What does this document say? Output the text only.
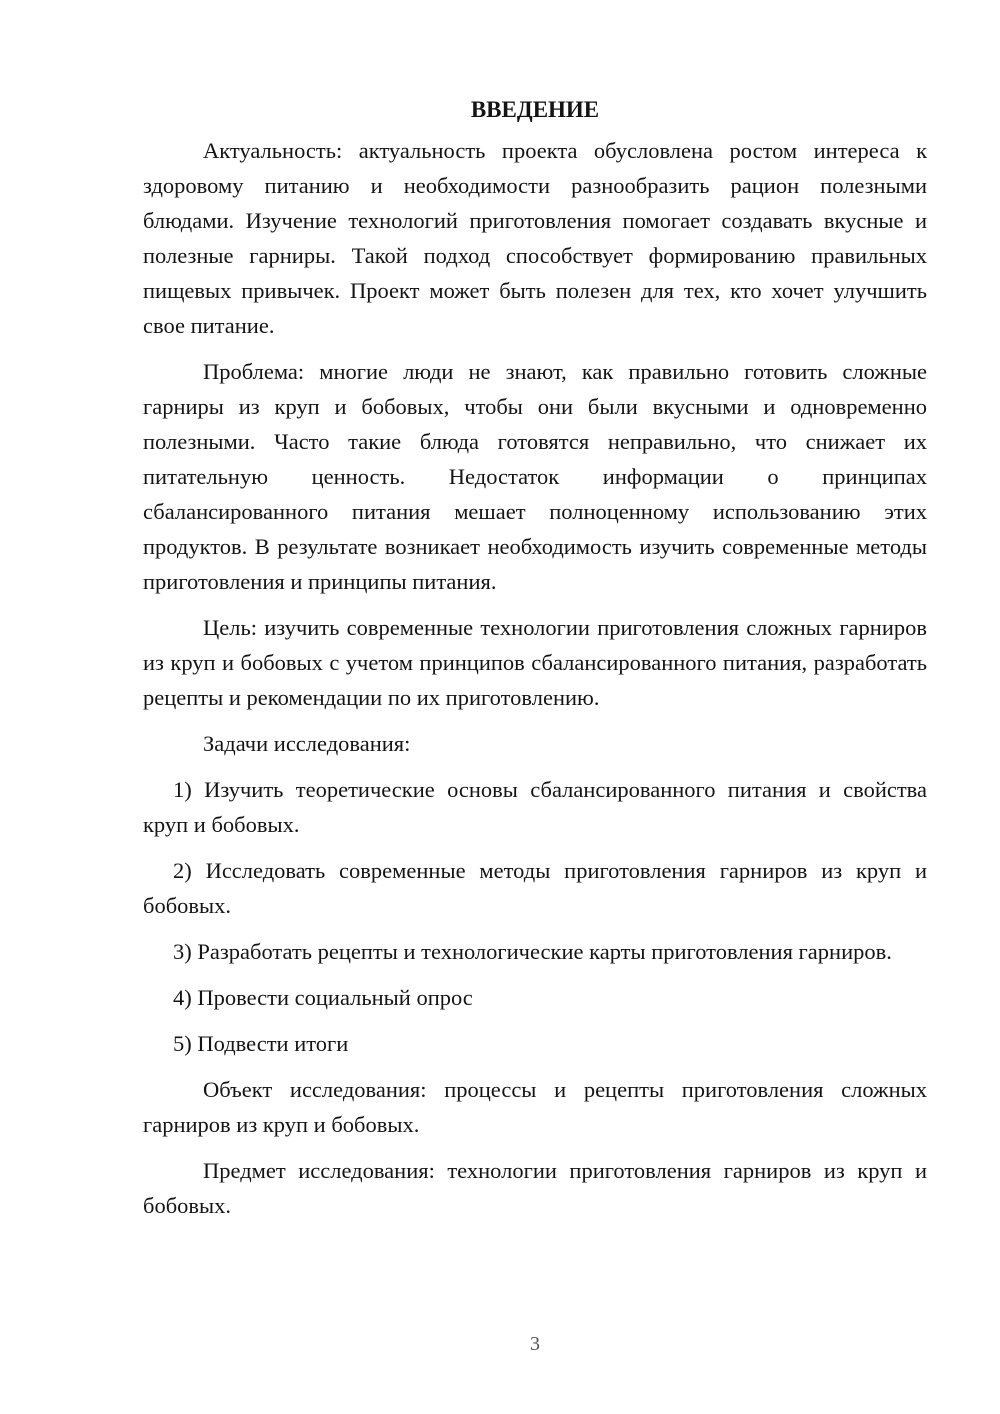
ВВЕДЕНИЕ

Актуальность: актуальность проекта обусловлена ростом интереса к здоровому питанию и необходимости разнообразить рацион полезными блюдами. Изучение технологий приготовления помогает создавать вкусные и полезные гарниры. Такой подход способствует формированию правильных пищевых привычек. Проект может быть полезен для тех, кто хочет улучшить свое питание.

Проблема: многие люди не знают, как правильно готовить сложные гарниры из круп и бобовых, чтобы они были вкусными и одновременно полезными. Часто такие блюда готовятся неправильно, что снижает их питательную ценность. Недостаток информации о принципах сбалансированного питания мешает полноценному использованию этих продуктов. В результате возникает необходимость изучить современные методы приготовления и принципы питания.

Цель: изучить современные технологии приготовления сложных гарниров из круп и бобовых с учетом принципов сбалансированного питания, разработать рецепты и рекомендации по их приготовлению.

Задачи исследования:

1) Изучить теоретические основы сбалансированного питания и свойства круп и бобовых.

2) Исследовать современные методы приготовления гарниров из круп и бобовых.

3) Разработать рецепты и технологические карты приготовления гарниров.

4) Провести социальный опрос

5) Подвести итоги

Объект исследования: процессы и рецепты приготовления сложных гарниров из круп и бобовых.

Предмет исследования: технологии приготовления гарниров из круп и бобовых.

3
